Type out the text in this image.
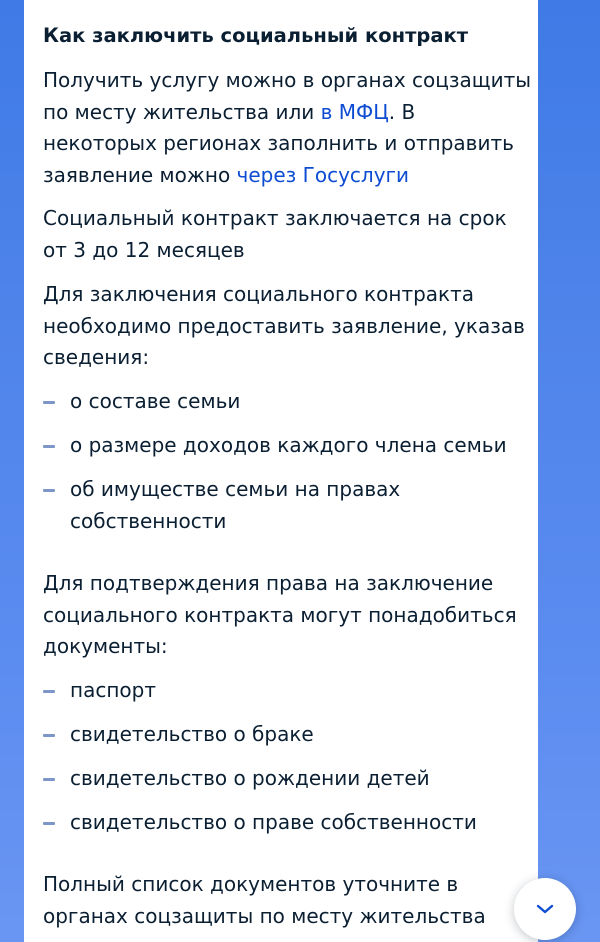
Как заключить социальный контракт

Получить услугу можно в органах соцзащиты по месту жительства или в МФЦ. В некоторых регионах заполнить и отправить заявление можно через Госуслуги

Социальный контракт заключается на срок от 3 до 12 месяцев

Для заключения социального контракта необходимо предоставить заявление, указав сведения:

о составе семьи
о размере доходов каждого члена семьи
об имуществе семьи на правах собственности

Для подтверждения права на заключение социального контракта могут понадобиться документы:

паспорт
свидетельство о браке
свидетельство о рождении детей
свидетельство о праве собственности

Полный список документов уточните в органах соцзащиты по месту жительства
